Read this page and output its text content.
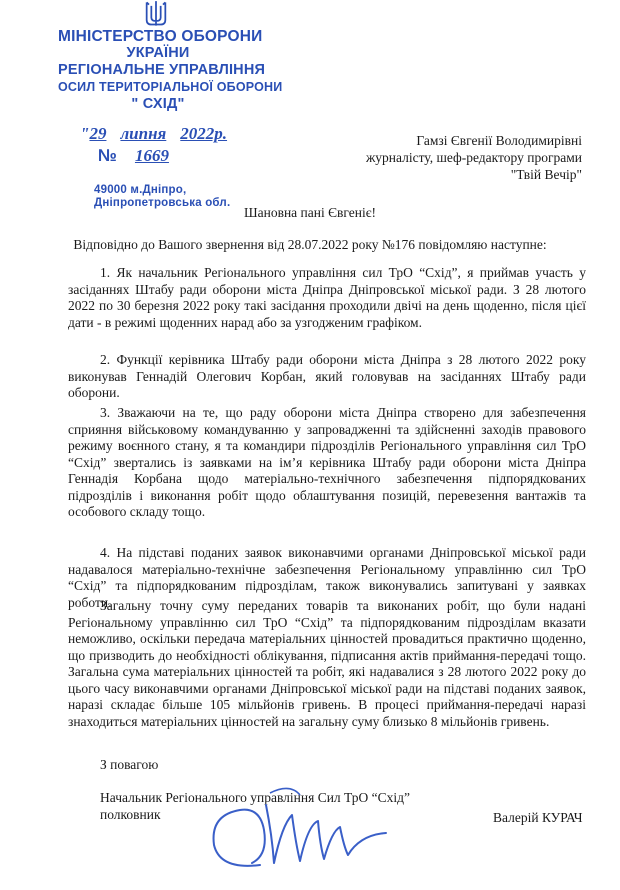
МІНІСТЕРСТВО ОБОРОНИ
УКРАЇНИ
РЕГІОНАЛЬНЕ УПРАВЛІННЯ
ОСИЛ ТЕРИТОРІАЛЬНОЇ ОБОРОНИ
" СХІД"
"29 липня 2022р.
№ 1669
49000 м.Дніпро,
Дніпропетровська обл.
Гамзі Євгенії Володимирівні
журналісту, шеф-редактору програми
"Твій Вечір"
Шановна пані Євгеніє!
Відповідно до Вашого звернення від 28.07.2022 року №176 повідомляю наступне:
1. Як начальник Регіонального управління сил ТрО “Схід”, я приймав участь у засіданнях Штабу ради оборони міста Дніпра Дніпровської міської ради. З 28 лютого 2022 по 30 березня 2022 року такі засідання проходили двічі на день щоденно, після цієї дати - в режимі щоденних нарад або за узгодженим графіком.
2. Функції керівника Штабу ради оборони міста Дніпра з 28 лютого 2022 року виконував Геннадій Олегович Корбан, який головував на засіданнях Штабу ради оборони.
3. Зважаючи на те, що раду оборони міста Дніпра створено для забезпечення сприяння військовому командуванню у запровадженні та здійсненні заходів правового режиму воєнного стану, я та командири підрозділів Регіонального управління сил ТрО “Схід” звертались із заявками на ім’я керівника Штабу ради оборони міста Дніпра Геннадія Корбана щодо матеріально-технічного забезпечення підпорядкованих підрозділів і виконання робіт щодо облаштування позицій, перевезення вантажів та особового складу тощо.
4. На підставі поданих заявок виконавчими органами Дніпровської міської ради надавалося матеріально-технічне забезпечення Регіональному управлінню сил ТрО “Схід” та підпорядкованим підрозділам, також виконувались запитувані у заявках роботи.
Загальну точну суму переданих товарів та виконаних робіт, що були надані Регіональному управлінню сил ТрО “Схід” та підпорядкованим підрозділам вказати неможливо, оскільки передача матеріальних цінностей провадиться практично щоденно, що призводить до необхідності облікування, підписання актів приймання-передачі тощо. Загальна сума матеріальних цінностей та робіт, які надавалися з 28 лютого 2022 року до цього часу виконавчими органами Дніпровської міської ради на підставі поданих заявок, наразі складає більше 105 мільйонів гривень. В процесі приймання-передачі наразі знаходиться матеріальних цінностей на загальну суму близько 8 мільйонів гривень.
З повагою
Начальник Регіонального управління Сил ТрО “Схід”
полковник	Валерій КУРАЧ
